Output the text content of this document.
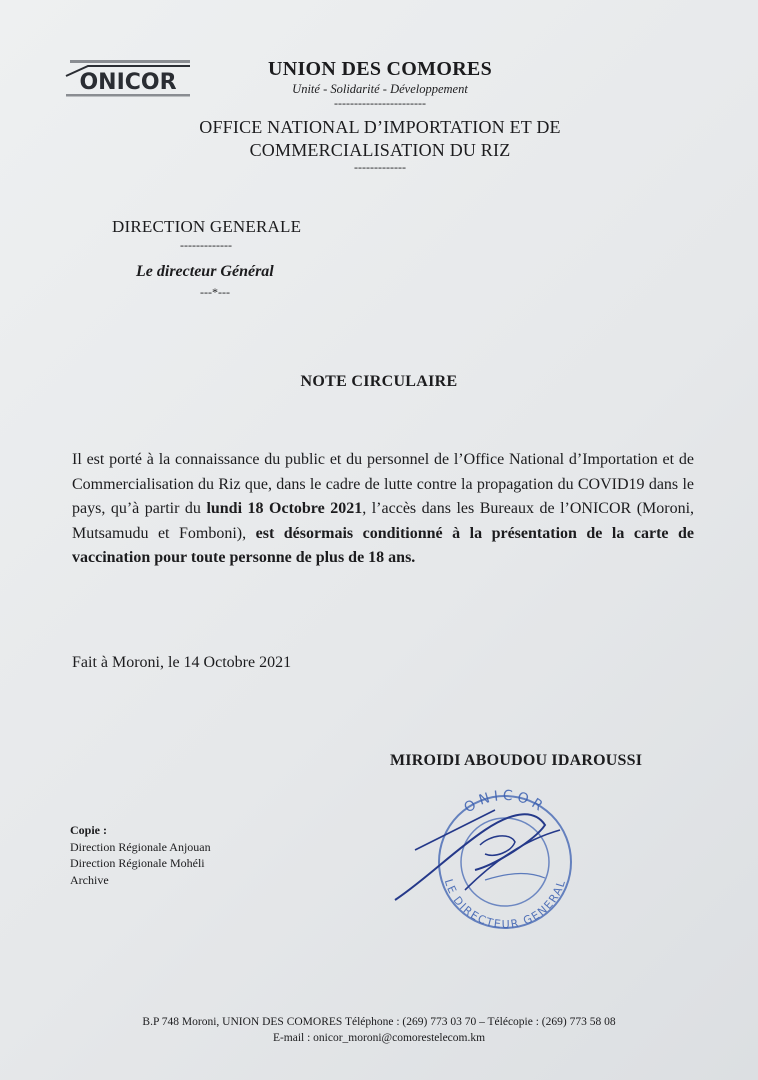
ONICOR
UNION DES COMORES
Unité - Solidarité - Développement
-----------------------
OFFICE NATIONAL D’IMPORTATION ET DE
COMMERCIALISATION DU RIZ
-------------
DIRECTION GENERALE
-------------
Le directeur Général
---*---
NOTE CIRCULAIRE
Il est porté à la connaissance du public et du personnel de l’Office National d’Importation et de Commercialisation du Riz que, dans le cadre de lutte contre la propagation du COVID19 dans le pays, qu’à partir du lundi 18 Octobre 2021, l’accès dans les Bureaux de l’ONICOR (Moroni, Mutsamudu et Fomboni), est désormais conditionné à la présentation de la carte de vaccination pour toute personne de plus de 18 ans.
Fait à Moroni, le 14 Octobre 2021
ONICOR
LE DIRECTEUR GENERAL
MIROIDI ABOUDOU IDAROUSSI
Copie :
Direction Régionale Anjouan
Direction Régionale Mohéli
Archive
B.P 748 Moroni, UNION DES COMORES Téléphone : (269) 773 03 70 – Télécopie : (269) 773 58 08
E-mail : onicor_moroni@comorestelecom.km
